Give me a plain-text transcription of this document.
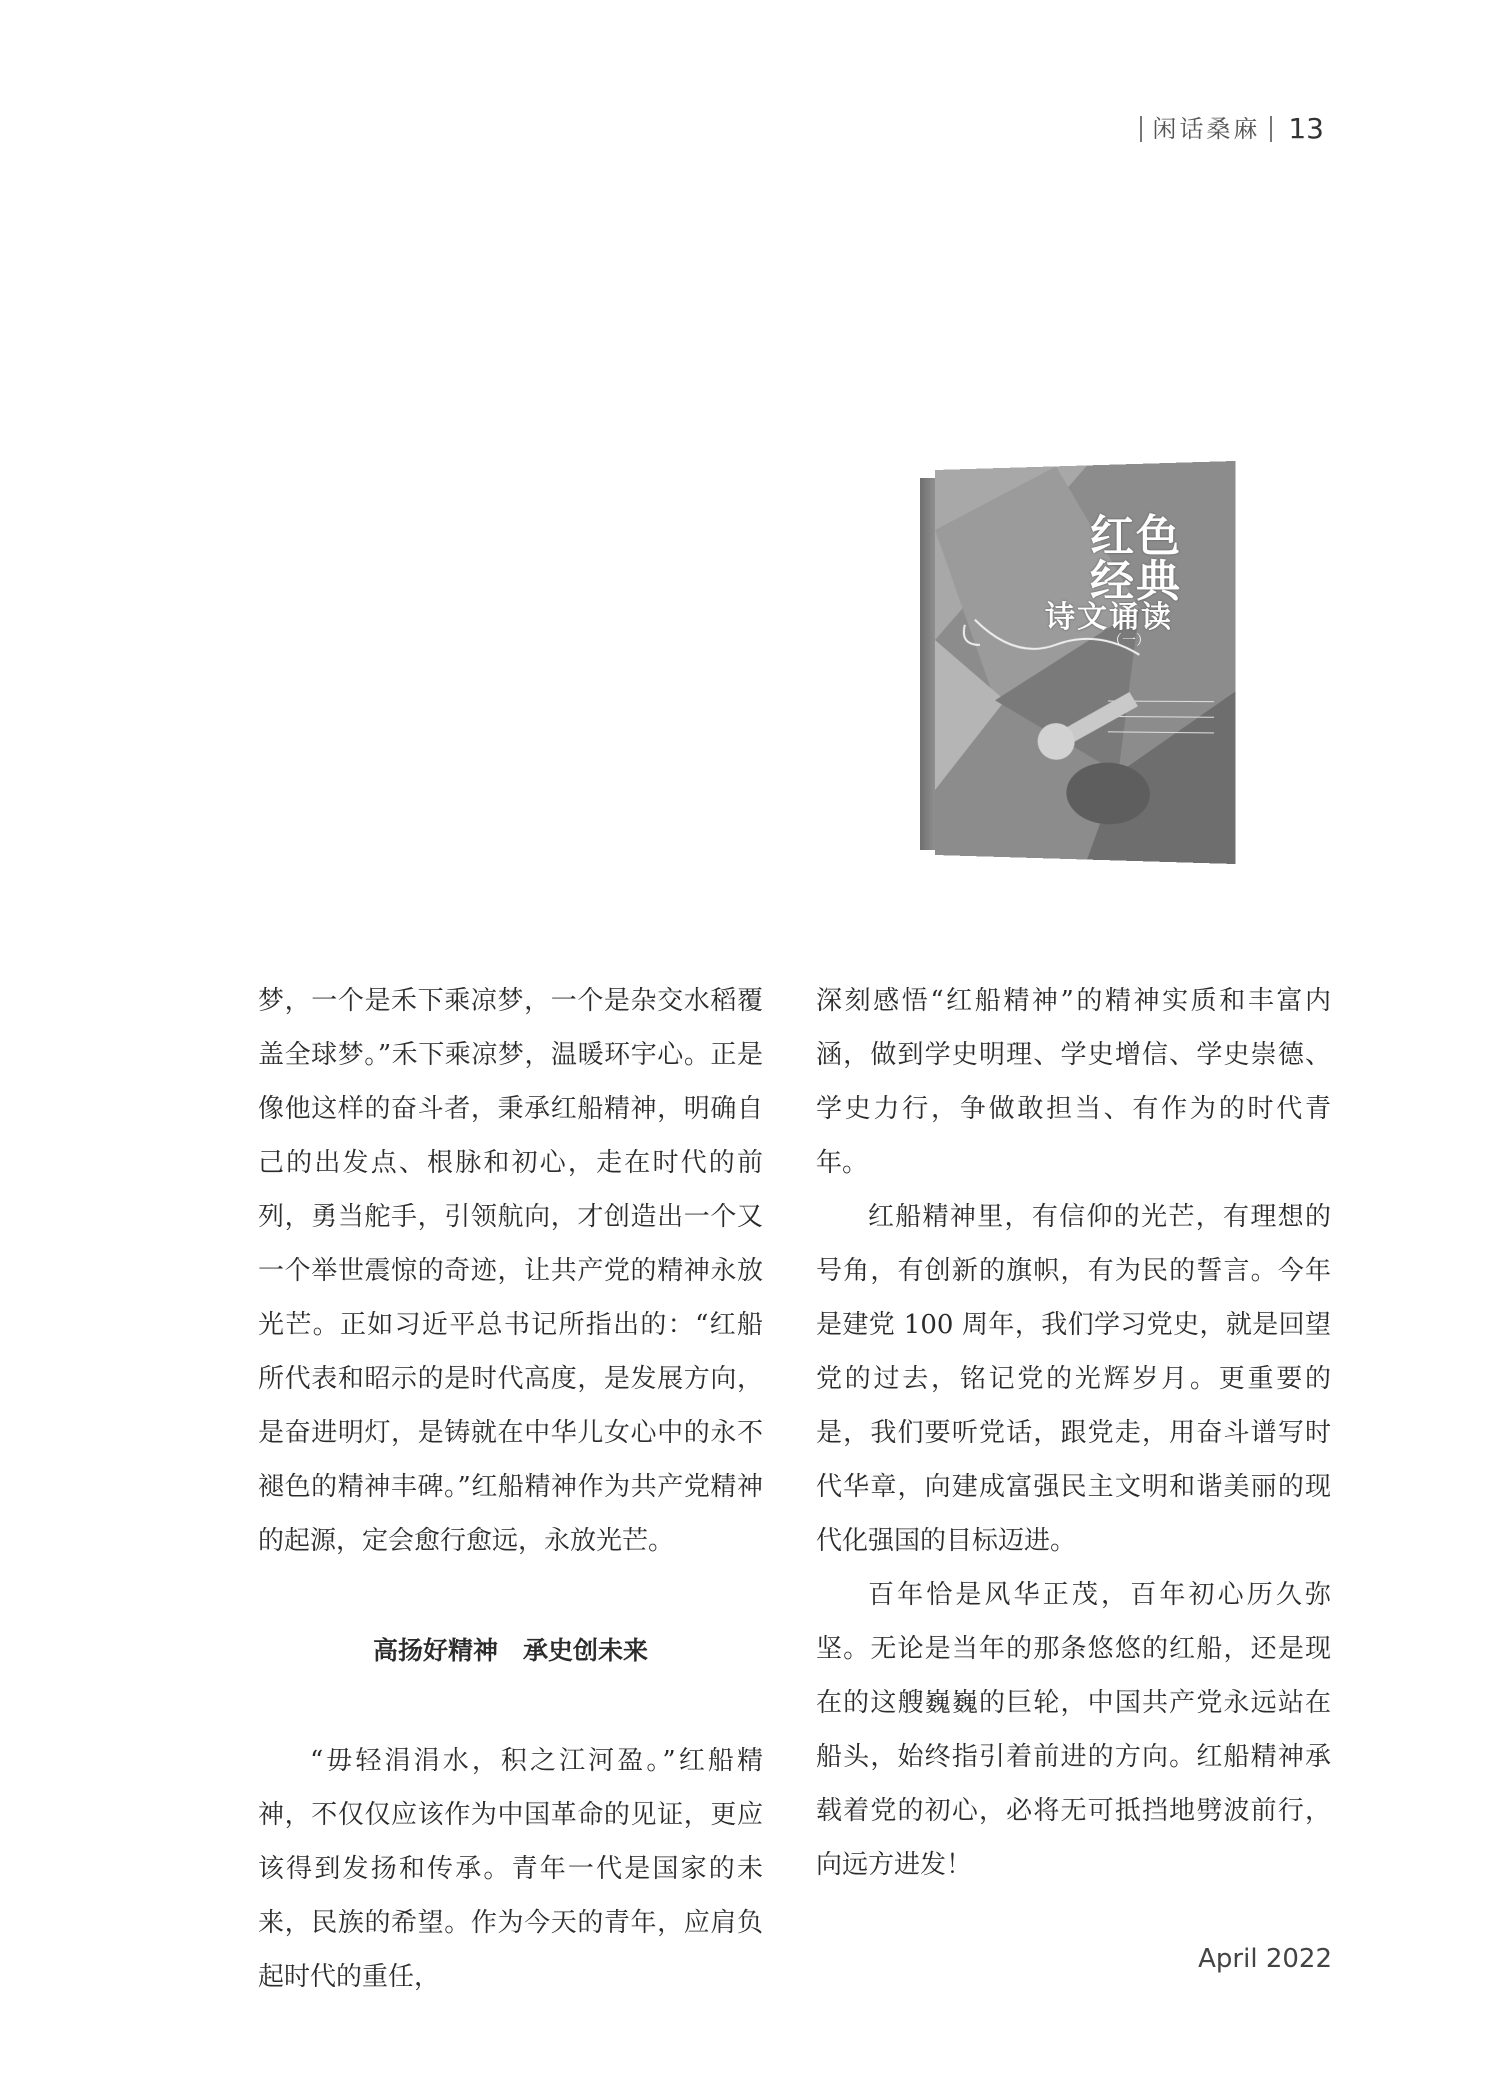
闲话桑麻	13
红色
经典
诗文诵读
（一）

梦，一个是禾下乘凉梦，一个是杂交水稻覆盖全球梦。”禾下乘凉梦，温暖环宇心。正是像他这样的奋斗者，秉承红船精神，明确自己的出发点、根脉和初心，走在时代的前列，勇当舵手，引领航向，才创造出一个又一个举世震惊的奇迹，让共产党的精神永放光芒。正如习近平总书记所指出的：“红船所代表和昭示的是时代高度，是发展方向，是奋进明灯，是铸就在中华儿女心中的永不褪色的精神丰碑。”红船精神作为共产党精神的起源，定会愈行愈远，永放光芒。

高扬好精神　承史创未来

“毋轻涓涓水，积之江河盈。”红船精神，不仅仅应该作为中国革命的见证，更应该得到发扬和传承。青年一代是国家的未来，民族的希望。作为今天的青年，应肩负起时代的重任，

深刻感悟“红船精神”的精神实质和丰富内涵，做到学史明理、学史增信、学史崇德、学史力行，争做敢担当、有作为的时代青年。

红船精神里，有信仰的光芒，有理想的号角，有创新的旗帜，有为民的誓言。今年是建党 100 周年，我们学习党史，就是回望党的过去，铭记党的光辉岁月。更重要的是，我们要听党话，跟党走，用奋斗谱写时代华章，向建成富强民主文明和谐美丽的现代化强国的目标迈进。

百年恰是风华正茂，百年初心历久弥坚。无论是当年的那条悠悠的红船，还是现在的这艘巍巍的巨轮，中国共产党永远站在船头，始终指引着前进的方向。红船精神承载着党的初心，必将无可抵挡地劈波前行，向远方进发！

April 2022
